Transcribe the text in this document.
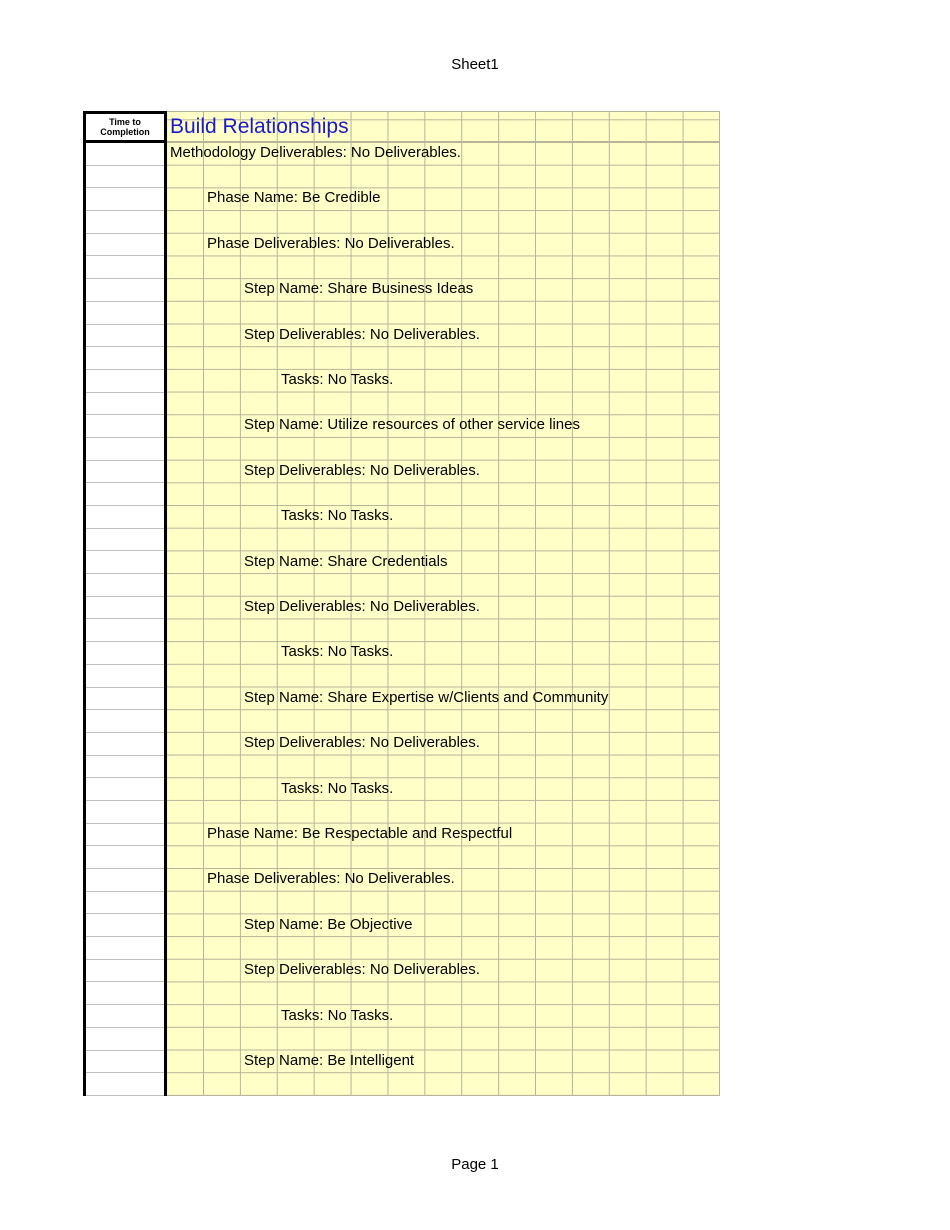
Sheet1
Time to
Completion Build Relationships
Methodology Deliverables: No Deliverables.
Phase Name: Be Credible
Phase Deliverables: No Deliverables.
Step Name: Share Business Ideas
Step Deliverables: No Deliverables.
Tasks: No Tasks.
Step Name: Utilize resources of other service lines
Step Deliverables: No Deliverables.
Tasks: No Tasks.
Step Name: Share Credentials
Step Deliverables: No Deliverables.
Tasks: No Tasks.
Step Name: Share Expertise w/Clients and Community
Step Deliverables: No Deliverables.
Tasks: No Tasks.
Phase Name: Be Respectable and Respectful
Phase Deliverables: No Deliverables.
Step Name: Be Objective
Step Deliverables: No Deliverables.
Tasks: No Tasks.
Step Name: Be Intelligent
Page 1
